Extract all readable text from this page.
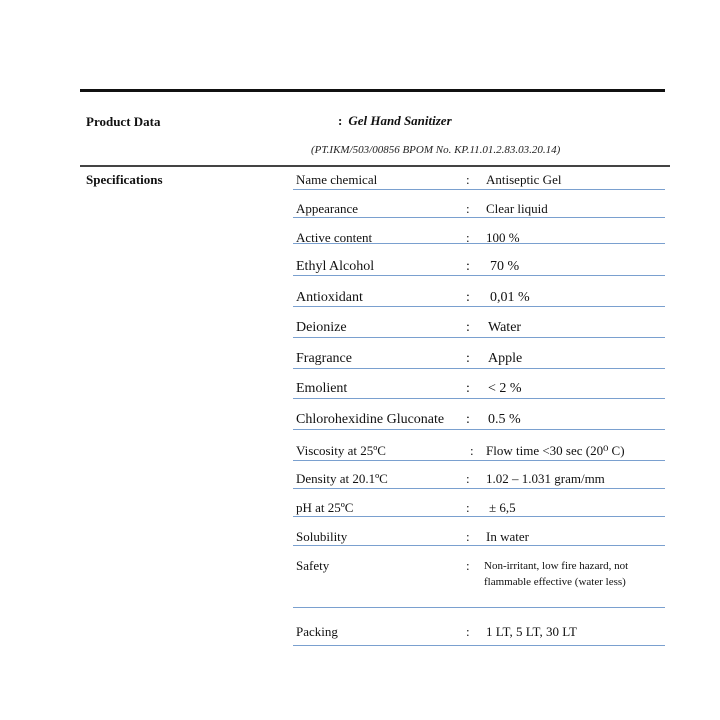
Product Data	: Gel Hand Sanitizer
(PT.IKM/503/00856 BPOM No. KP.11.01.2.83.03.20.14)
Specifications	Name chemical	: Antiseptic Gel
Appearance	: Clear liquid
Active content	: 100 %
Ethyl Alcohol	: 70 %
Antioxidant	: 0,01 %
Deionize	: Water
Fragrance	: Apple
Emolient	: < 2 %
Chlorohexidine Gluconate : 0.5 %
Viscosity at 25ºC	: Flow time <30 sec (20⁰ C)
Density at 20.1ºC	: 1.02 – 1.031 gram/mm
pH at 25ºC	: ± 6,5
Solubility	: In water
Safety	: Non-irritant, low fire hazard, not flammable effective (water less)
Packing	: 1 LT, 5 LT, 30 LT
